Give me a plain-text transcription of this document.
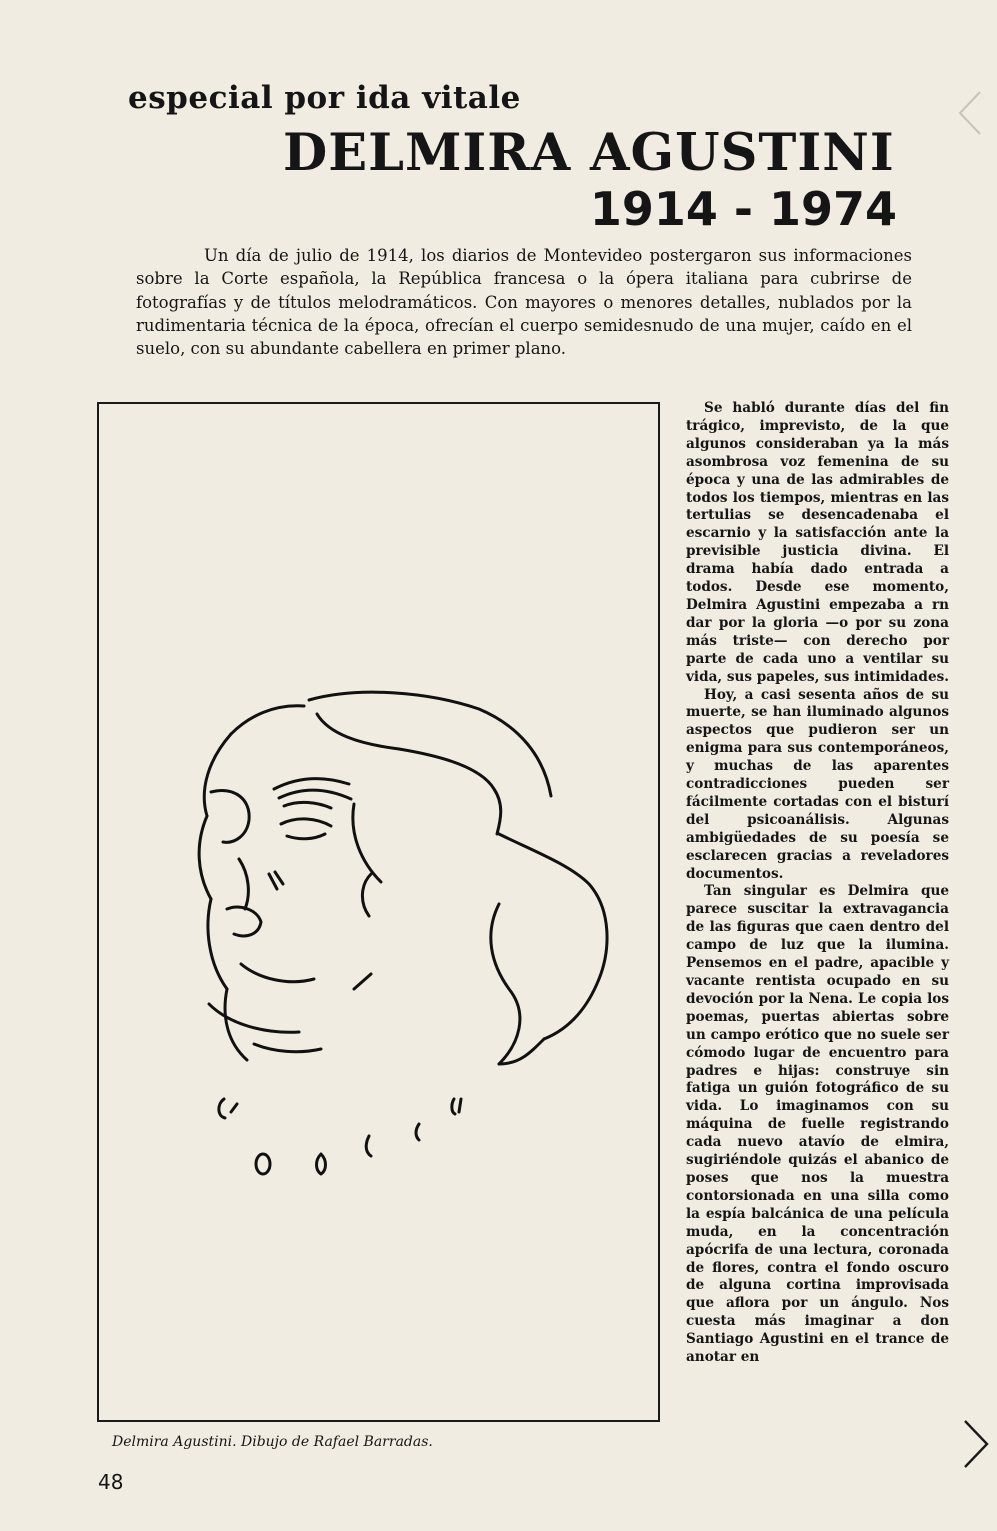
especial por ida vitale
DELMIRA AGUSTINI
1914 - 1974

Un día de julio de 1914, los diarios de Montevideo postergaron sus informaciones sobre la Corte española, la República francesa o la ópera italiana para cubrirse de fotografías y de títulos melodramáticos. Con mayores o menores detalles, nublados por la rudimentaria técnica de la época, ofrecían el cuerpo semidesnudo de una mujer, caído en el suelo, con su abundante cabellera en primer plano.

Delmira Agustini. Dibujo de Rafael Barradas.

Se habló durante días del fin trágico, imprevisto, de la que algunos consideraban ya la más asombrosa voz femenina de su época y una de las admirables de todos los tiempos, mientras en las tertulias se desencadenaba el escarnio y la satisfacción ante la previsible justicia divina. El drama había dado entrada a todos. Desde ese momento, Delmira Agustini empezaba a rn dar por la gloria —o por su zona más triste— con derecho por parte de cada uno a ventilar su vida, sus papeles, sus intimidades.

Hoy, a casi sesenta años de su muerte, se han iluminado algunos aspectos que pudieron ser un enigma para sus contemporáneos, y muchas de las aparentes contradicciones pueden ser fácilmente cortadas con el bisturí del psicoanálisis. Algunas ambigüedades de su poesía se esclarecen gracias a reveladores documentos.

Tan singular es Delmira que parece suscitar la extravagancia de las figuras que caen dentro del campo de luz que la ilumina. Pensemos en el padre, apacible y vacante rentista ocupado en su devoción por la Nena. Le copia los poemas, puertas abiertas sobre un campo erótico que no suele ser cómodo lugar de encuentro para padres e hijas: construye sin fatiga un guión fotográfico de su vida. Lo imaginamos con su máquina de fuelle registrando cada nuevo atavío de elmira, sugiriéndole quizás el abanico de poses que nos la muestra contorsionada en una silla como la espía balcánica de una película muda, en la concentración apócrifa de una lectura, coronada de flores, contra el fondo oscuro de alguna cortina improvisada que aflora por un ángulo. Nos cuesta más imaginar a don Santiago Agustini en el trance de anotar en

48
